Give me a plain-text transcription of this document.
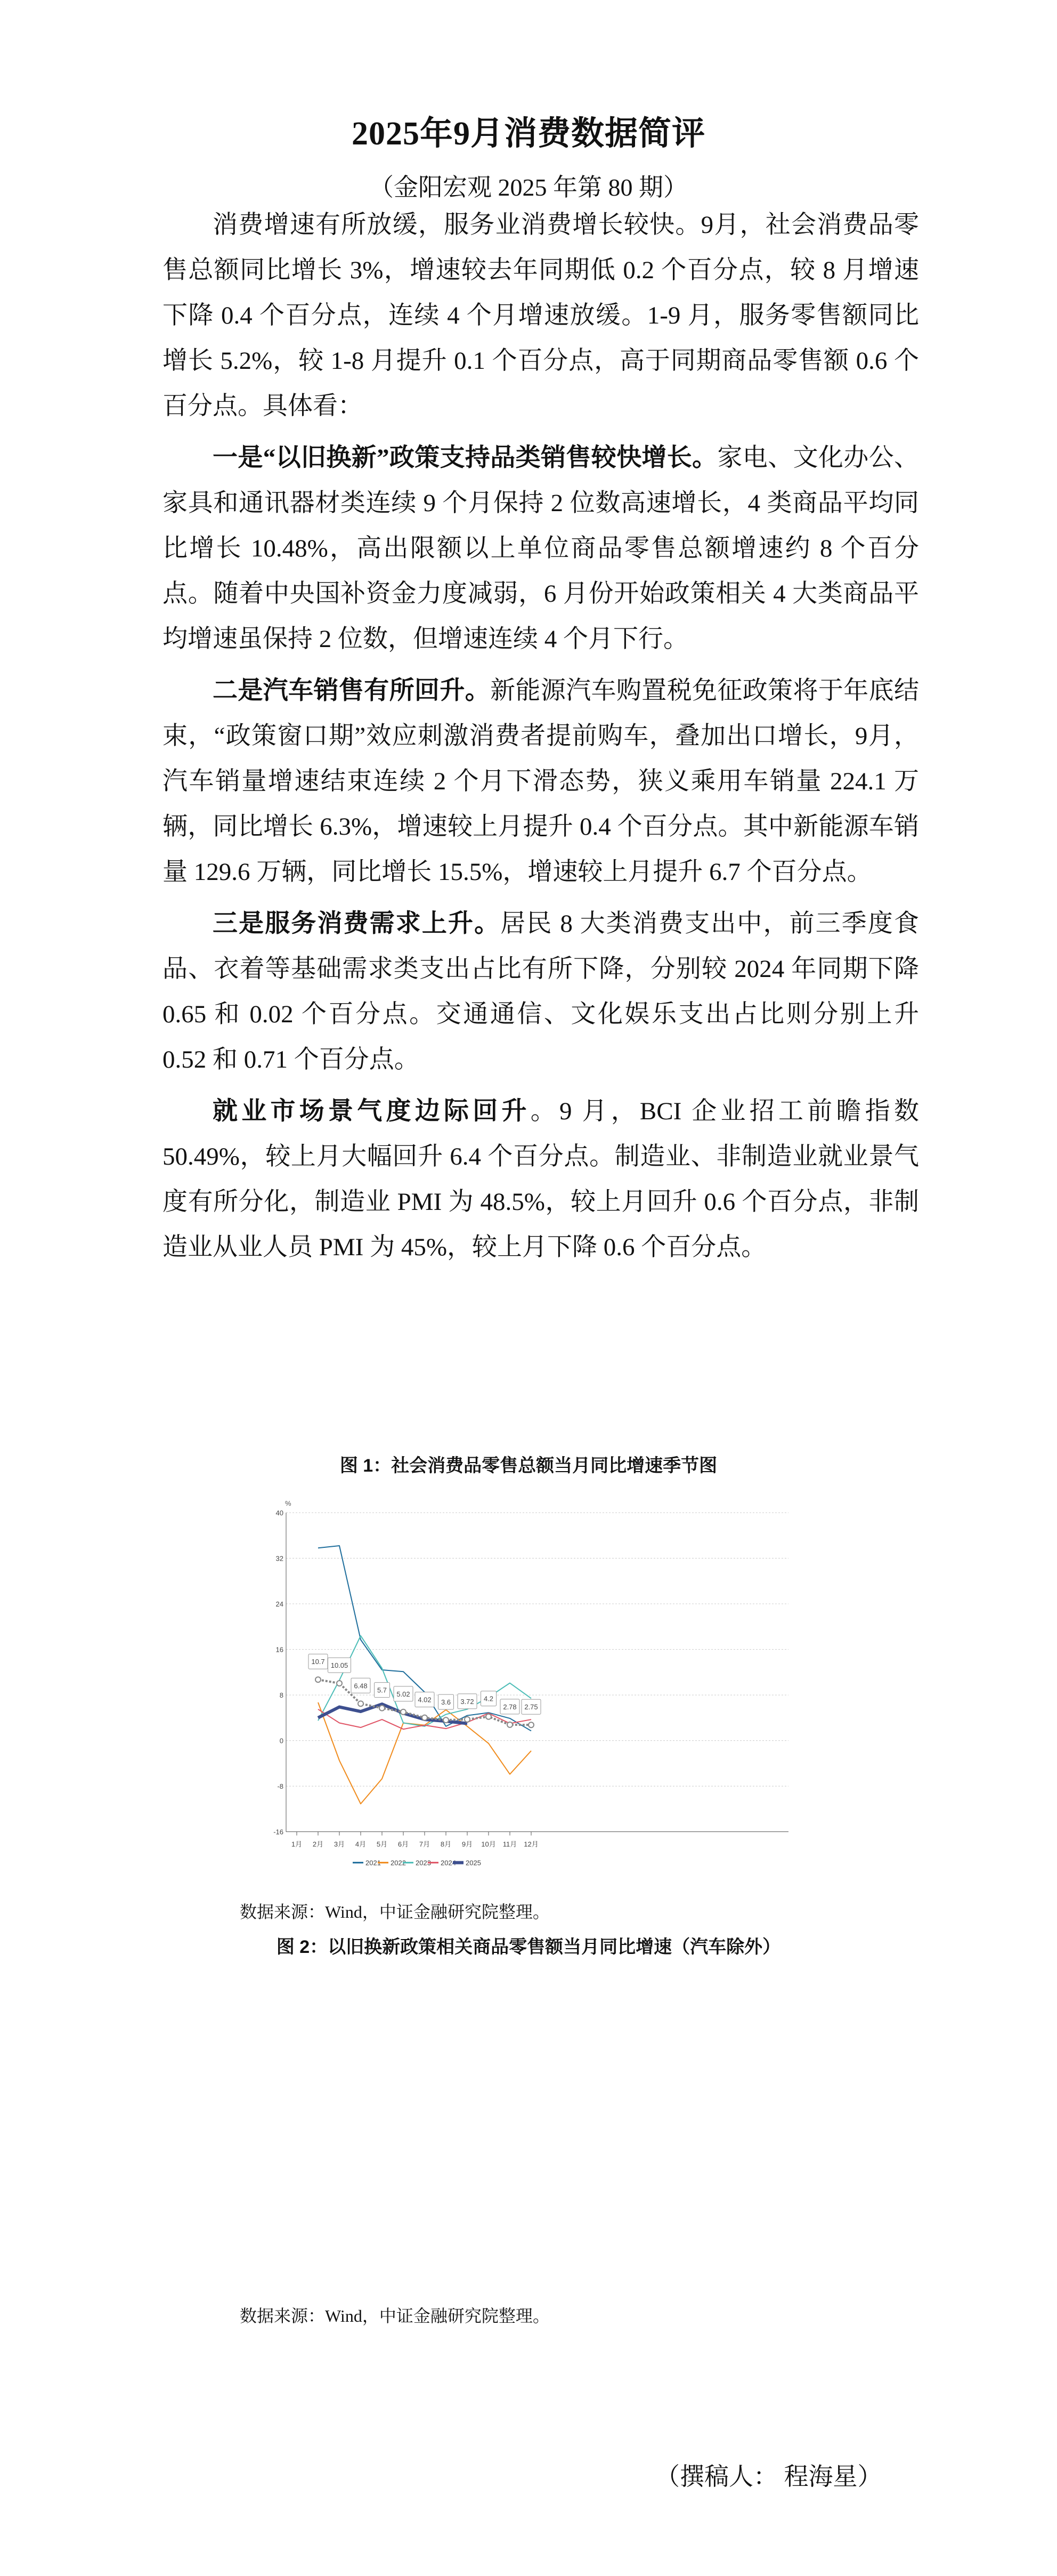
2025年9月消费数据简评
（金阳宏观 2025 年第 80 期）

消费增速有所放缓，服务业消费增长较快。9月，社会消费品零售总额同比增长 3%，增速较去年同期低 0.2 个百分点，较 8 月增速下降 0.4 个百分点，连续 4 个月增速放缓。1-9 月，服务零售额同比增长 5.2%，较 1-8 月提升 0.1 个百分点，高于同期商品零售额 0.6 个百分点。具体看：

一是“以旧换新”政策支持品类销售较快增长。家电、文化办公、家具和通讯器材类连续 9 个月保持 2 位数高速增长，4 类商品平均同比增长 10.48%，高出限额以上单位商品零售总额增速约 8 个百分点。随着中央国补资金力度减弱，6 月份开始政策相关 4 大类商品平均增速虽保持 2 位数，但增速连续 4 个月下行。

二是汽车销售有所回升。新能源汽车购置税免征政策将于年底结束，“政策窗口期”效应刺激消费者提前购车，叠加出口增长，9月，汽车销量增速结束连续 2 个月下滑态势，狭义乘用车销量 224.1 万辆，同比增长 6.3%，增速较上月提升 0.4 个百分点。其中新能源车销量 129.6 万辆，同比增长 15.5%，增速较上月提升 6.7 个百分点。

三是服务消费需求上升。居民 8 大类消费支出中，前三季度食品、衣着等基础需求类支出占比有所下降，分别较 2024 年同期下降 0.65 和 0.02 个百分点。交通通信、文化娱乐支出占比则分别上升 0.52 和 0.71 个百分点。

就业市场景气度边际回升。9 月，BCI 企业招工前瞻指数 50.49%，较上月大幅回升 6.4 个百分点。制造业、非制造业就业景气度有所分化，制造业 PMI 为 48.5%，较上月回升 0.6 个百分点，非制造业从业人员 PMI 为 45%，较上月下降 0.6 个百分点。

图 1：社会消费品零售总额当月同比增速季节图
%
-16
-8
0
8
16
24
32
40
1月 2月 3月 4月 5月 6月 7月 8月 9月 10月 11月 12月
10.7 10.05
6.48
5.7 5.02
4.02 3.6 3.72 4.2
2.78 2.75
2021 2022 2023 2024 2025
数据来源：Wind，中证金融研究院整理。
图 2：以旧换新政策相关商品零售额当月同比增速（汽车除外）
数据来源：Wind，中证金融研究院整理。
（撰稿人： 程海星）
